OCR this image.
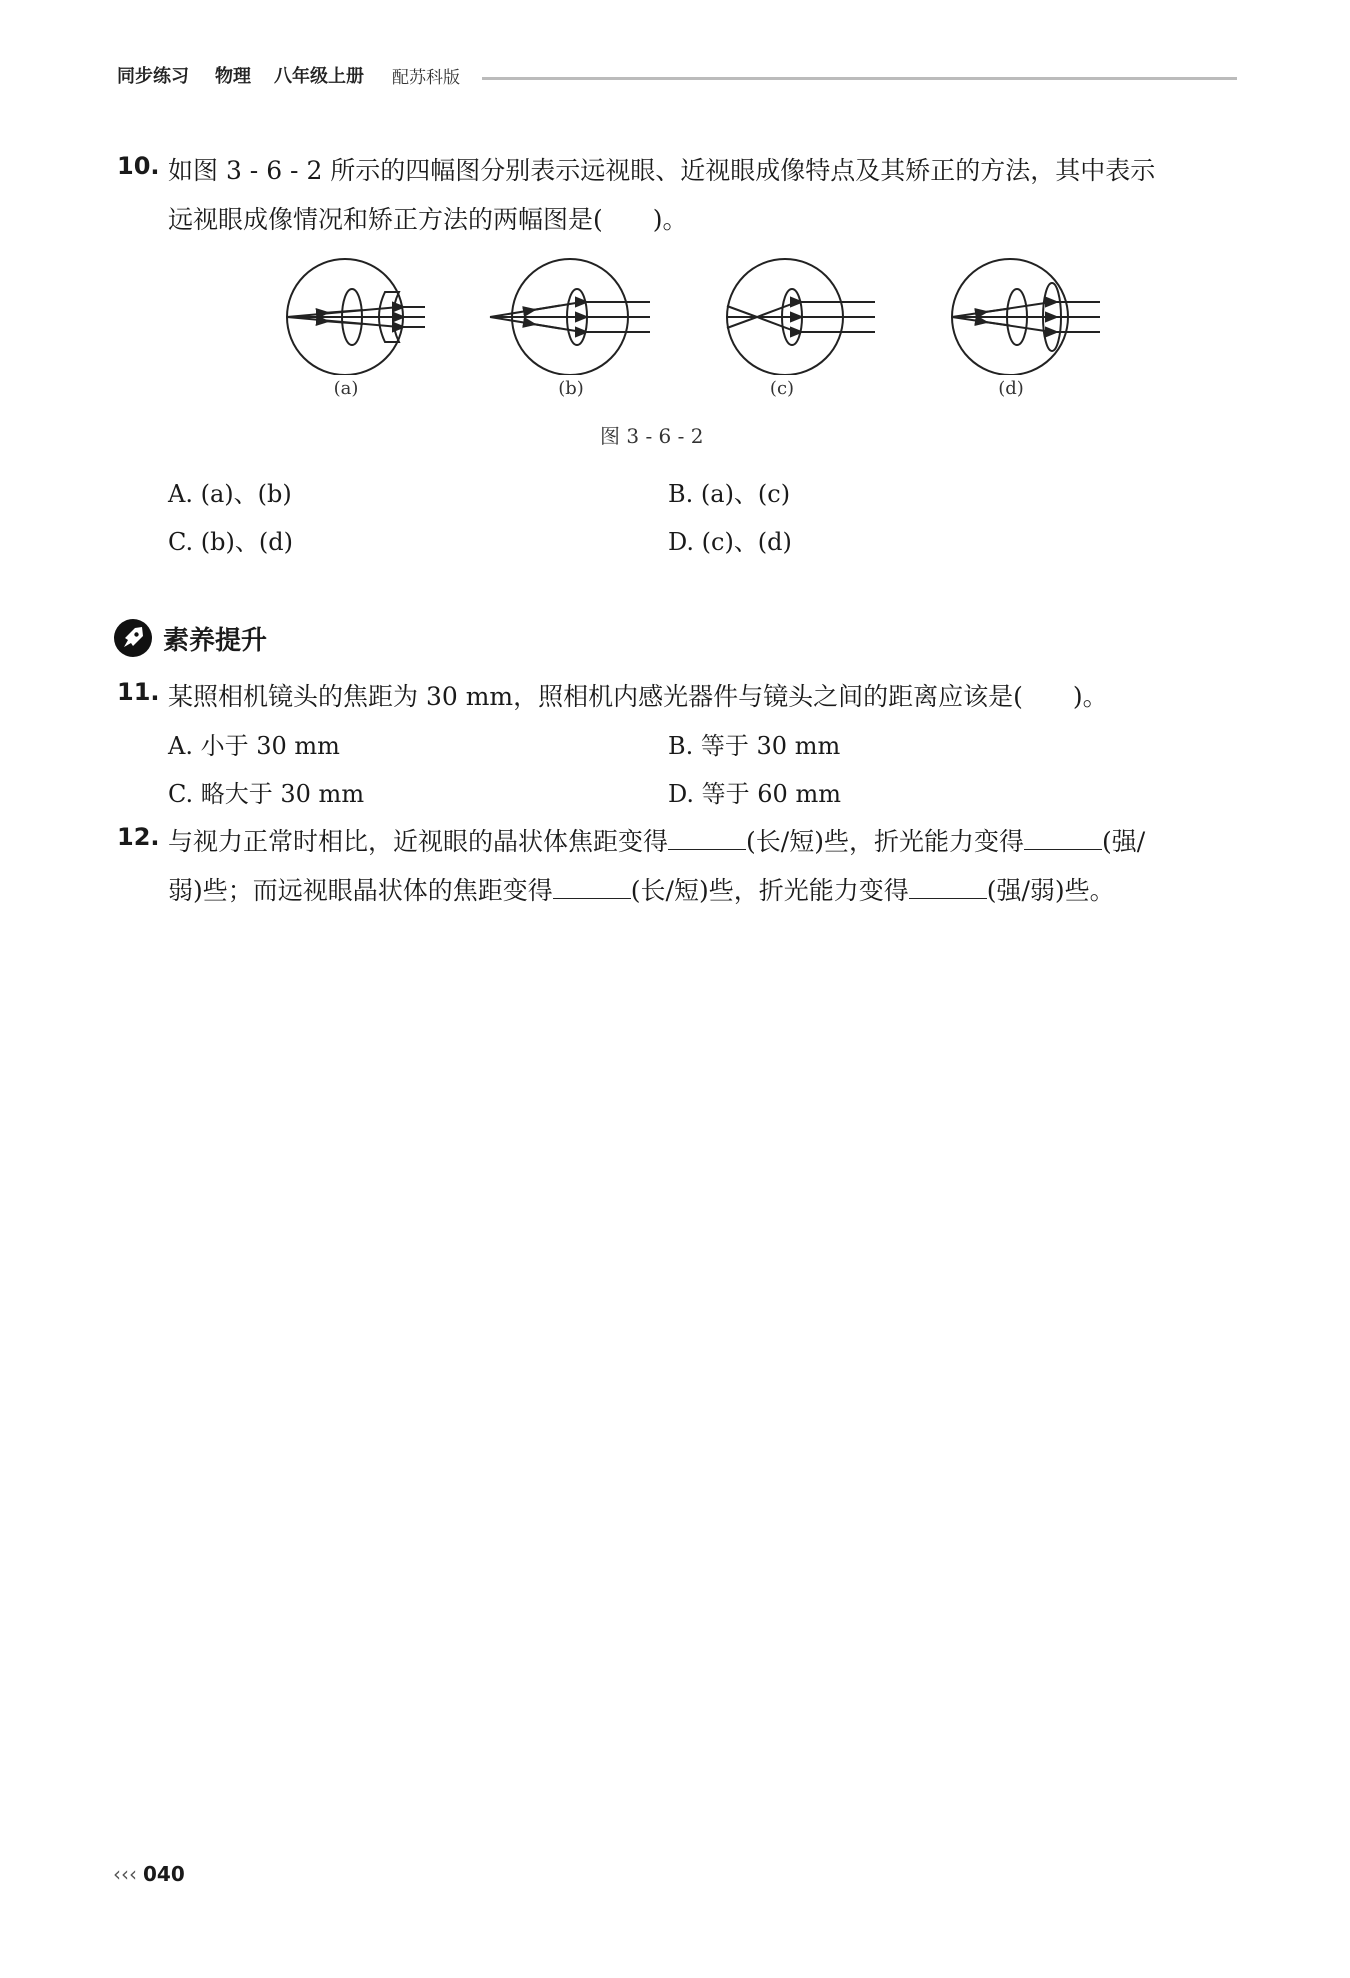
同步练习 物理 八年级上册 配苏科版
10. 如图 3 - 6 - 2 所示的四幅图分别表示远视眼、近视眼成像特点及其矫正的方法，其中表示
远视眼成像情况和矫正方法的两幅图是(　　)。
(a)	(b)	(c)	(d)
图 3 - 6 - 2
A. (a)、(b)	B. (a)、(c)
C. (b)、(d)	D. (c)、(d)
素养提升
11. 某照相机镜头的焦距为 30 mm，照相机内感光器件与镜头之间的距离应该是(　　)。
A. 小于 30 mm	B. 等于 30 mm
C. 略大于 30 mm	D. 等于 60 mm
12. 与视力正常时相比，近视眼的晶状体焦距变得	(长/短)些，折光能力变得	(强/
弱)些；而远视眼晶状体的焦距变得	(长/短)些，折光能力变得	(强/弱)些。
‹‹‹ 040
